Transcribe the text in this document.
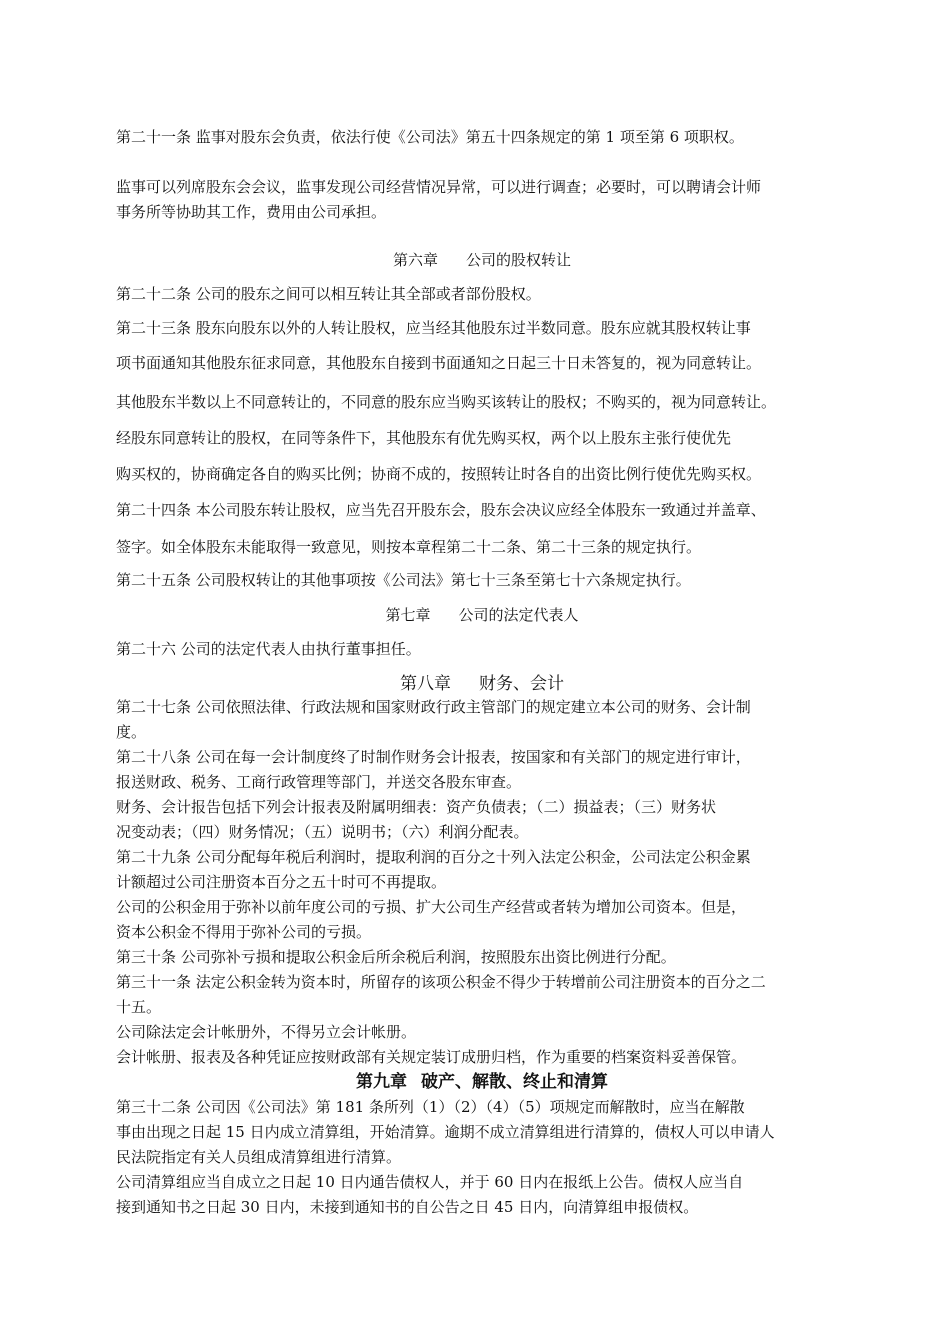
第二十一条 监事对股东会负责，依法行使《公司法》第五十四条规定的第 1 项至第 6 项职权。
监事可以列席股东会会议，监事发现公司经营情况异常，可以进行调查；必要时，可以聘请会计师
事务所等协助其工作，费用由公司承担。
第六章 公司的股权转让
第二十二条 公司的股东之间可以相互转让其全部或者部份股权。
第二十三条 股东向股东以外的人转让股权，应当经其他股东过半数同意。股东应就其股权转让事
项书面通知其他股东征求同意，其他股东自接到书面通知之日起三十日未答复的，视为同意转让。
其他股东半数以上不同意转让的，不同意的股东应当购买该转让的股权；不购买的，视为同意转让。
经股东同意转让的股权，在同等条件下，其他股东有优先购买权，两个以上股东主张行使优先
购买权的，协商确定各自的购买比例；协商不成的，按照转让时各自的出资比例行使优先购买权。
第二十四条 本公司股东转让股权，应当先召开股东会，股东会决议应经全体股东一致通过并盖章、
签字。如全体股东未能取得一致意见，则按本章程第二十二条、第二十三条的规定执行。
第二十五条 公司股权转让的其他事项按《公司法》第七十三条至第七十六条规定执行。
第七章 公司的法定代表人
第二十六 公司的法定代表人由执行董事担任。
第八章 财务、会计
第二十七条 公司依照法律、行政法规和国家财政行政主管部门的规定建立本公司的财务、会计制
度。
第二十八条 公司在每一会计制度终了时制作财务会计报表，按国家和有关部门的规定进行审计，
报送财政、税务、工商行政管理等部门，并送交各股东审查。
财务、会计报告包括下列会计报表及附属明细表：资产负债表；（二）损益表；（三）财务状
况变动表；（四）财务情况；（五）说明书；（六）利润分配表。
第二十九条 公司分配每年税后利润时，提取利润的百分之十列入法定公积金，公司法定公积金累
计额超过公司注册资本百分之五十时可不再提取。
公司的公积金用于弥补以前年度公司的亏损、扩大公司生产经营或者转为增加公司资本。但是，
资本公积金不得用于弥补公司的亏损。
第三十条 公司弥补亏损和提取公积金后所余税后利润，按照股东出资比例进行分配。
第三十一条 法定公积金转为资本时，所留存的该项公积金不得少于转增前公司注册资本的百分之二
十五。
公司除法定会计帐册外，不得另立会计帐册。
会计帐册、报表及各种凭证应按财政部有关规定装订成册归档，作为重要的档案资料妥善保管。
第九章 破产、解散、终止和清算
第三十二条 公司因《公司法》第 181 条所列（1）（2）（4）（5）项规定而解散时，应当在解散
事由出现之日起 15 日内成立清算组，开始清算。逾期不成立清算组进行清算的，债权人可以申请人
民法院指定有关人员组成清算组进行清算。
公司清算组应当自成立之日起 10 日内通告债权人，并于 60 日内在报纸上公告。债权人应当自
接到通知书之日起 30 日内，未接到通知书的自公告之日 45 日内，向清算组申报债权。
